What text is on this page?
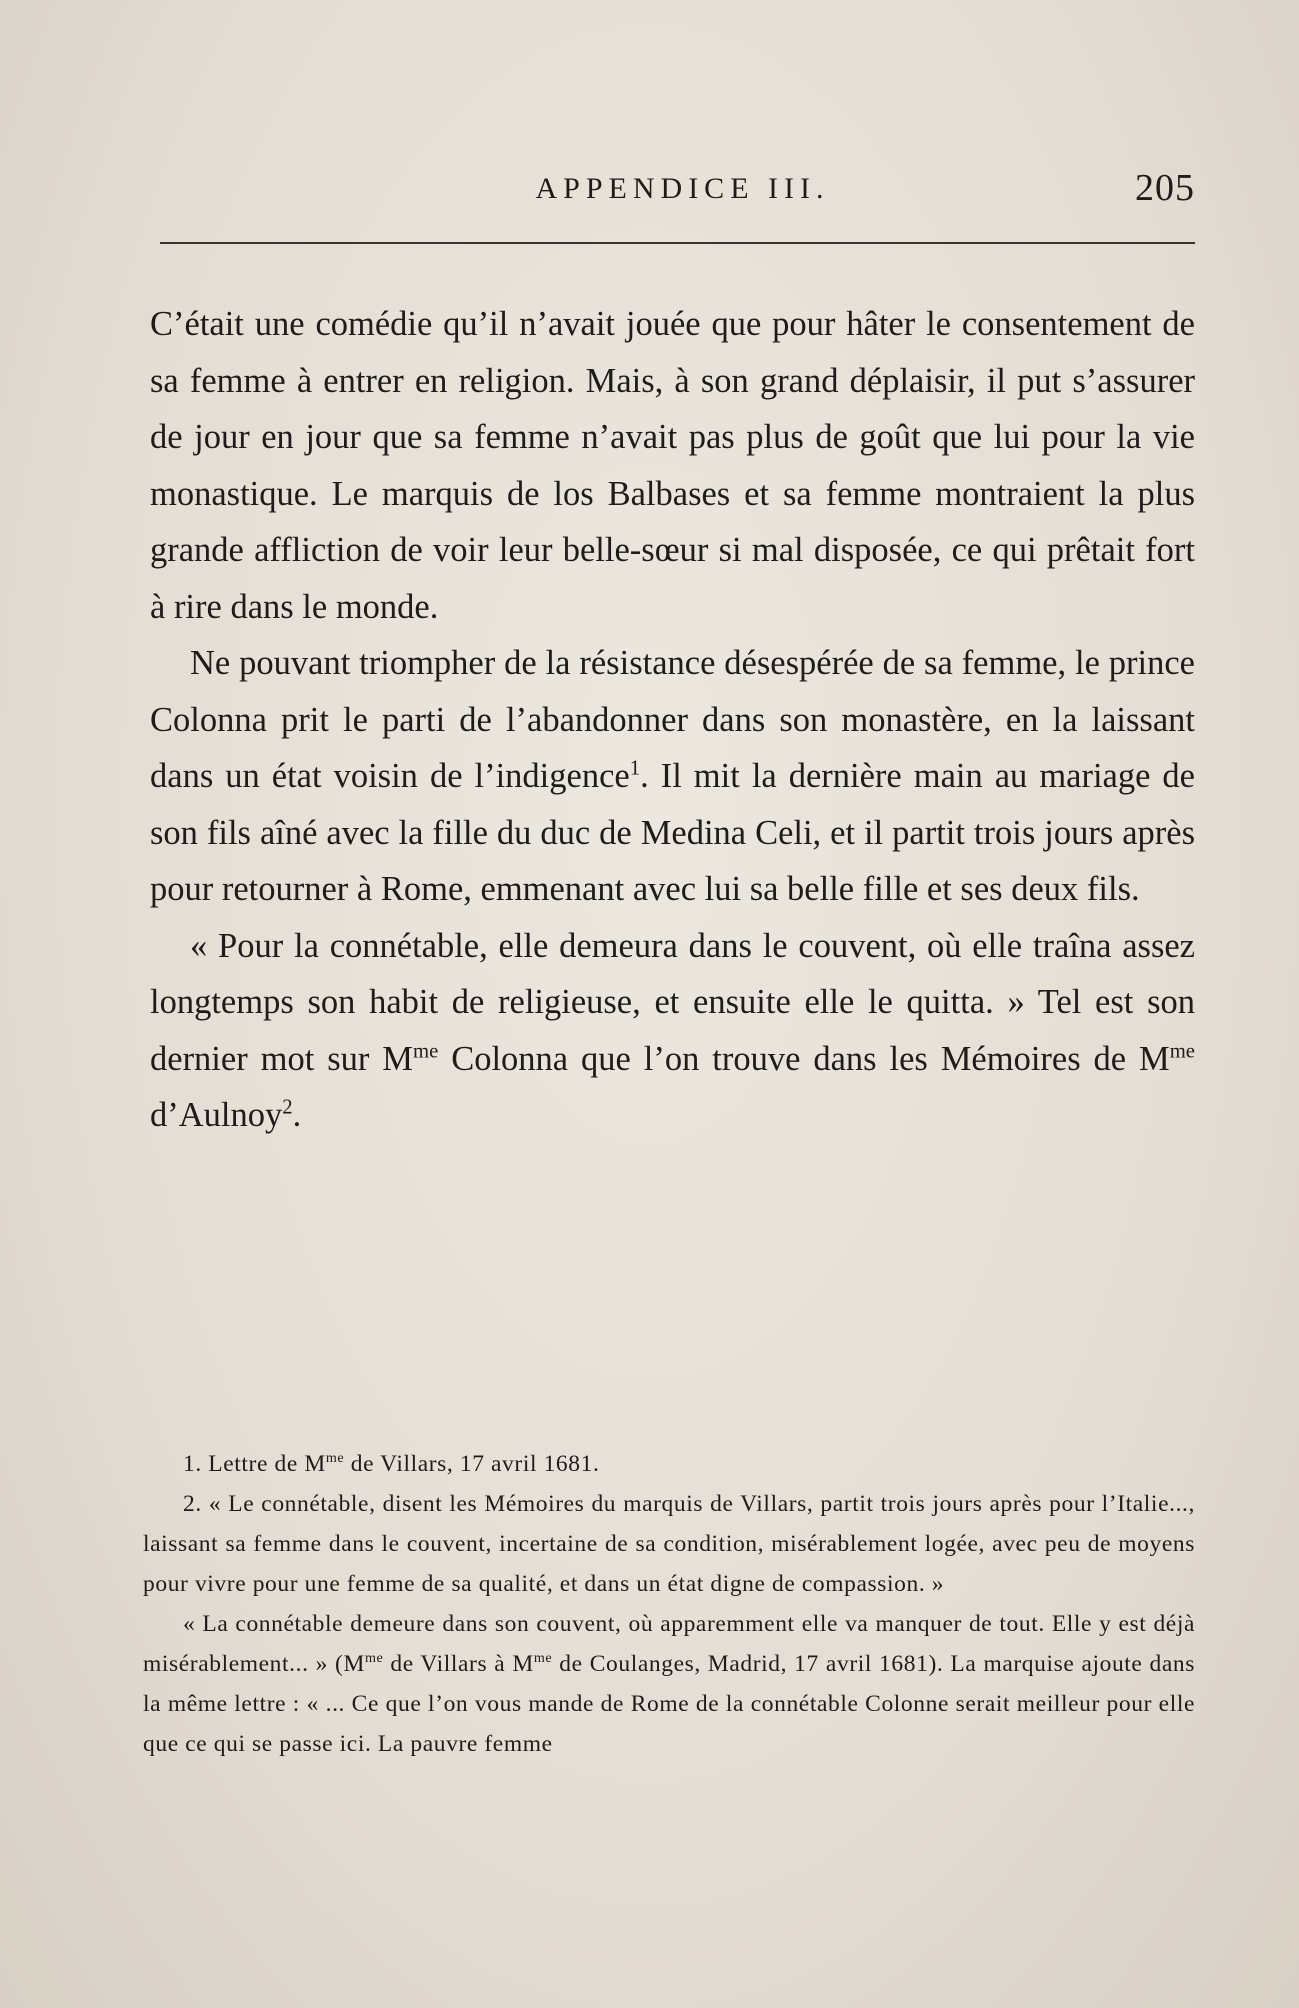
APPENDICE III.	205

C’était une comédie qu’il n’avait jouée que pour hâter le consentement de sa femme à entrer en religion. Mais, à son grand déplaisir, il put s’assurer de jour en jour que sa femme n’avait pas plus de goût que lui pour la vie monastique. Le marquis de los Balbases et sa femme montraient la plus grande affliction de voir leur belle-sœur si mal disposée, ce qui prêtait fort à rire dans le monde.

Ne pouvant triompher de la résistance désespérée de sa femme, le prince Colonna prit le parti de l’abandonner dans son monastère, en la laissant dans un état voisin de l’indigence$^1$. Il mit la dernière main au mariage de son fils aîné avec la fille du duc de Medina Celi, et il partit trois jours après pour retourner à Rome, emmenant avec lui sa belle fille et ses deux fils.

« Pour la connétable, elle demeura dans le couvent, où elle traîna assez longtemps son habit de religieuse, et ensuite elle le quitta. » Tel est son dernier mot sur $M^{me}$ Colonna que l’on trouve dans les Mémoires de $M^{me}$ d’Aulnoy$^2$.

1. Lettre de $M^{me}$ de Villars, 17 avril 1681.

2. « Le connétable, disent les Mémoires du marquis de Villars, partit trois jours après pour l’Italie..., laissant sa femme dans le couvent, incertaine de sa condition, misérablement logée, avec peu de moyens pour vivre pour une femme de sa qualité, et dans un état digne de compassion. »

« La connétable demeure dans son couvent, où apparemment elle va manquer de tout. Elle y est déjà misérablement... » ($M^{me}$ de Villars à $M^{me}$ de Coulanges, Madrid, 17 avril 1681). La marquise ajoute dans la même lettre : « ... Ce que l’on vous mande de Rome de la connétable Colonne serait meilleur pour elle que ce qui se passe ici. La pauvre femme
